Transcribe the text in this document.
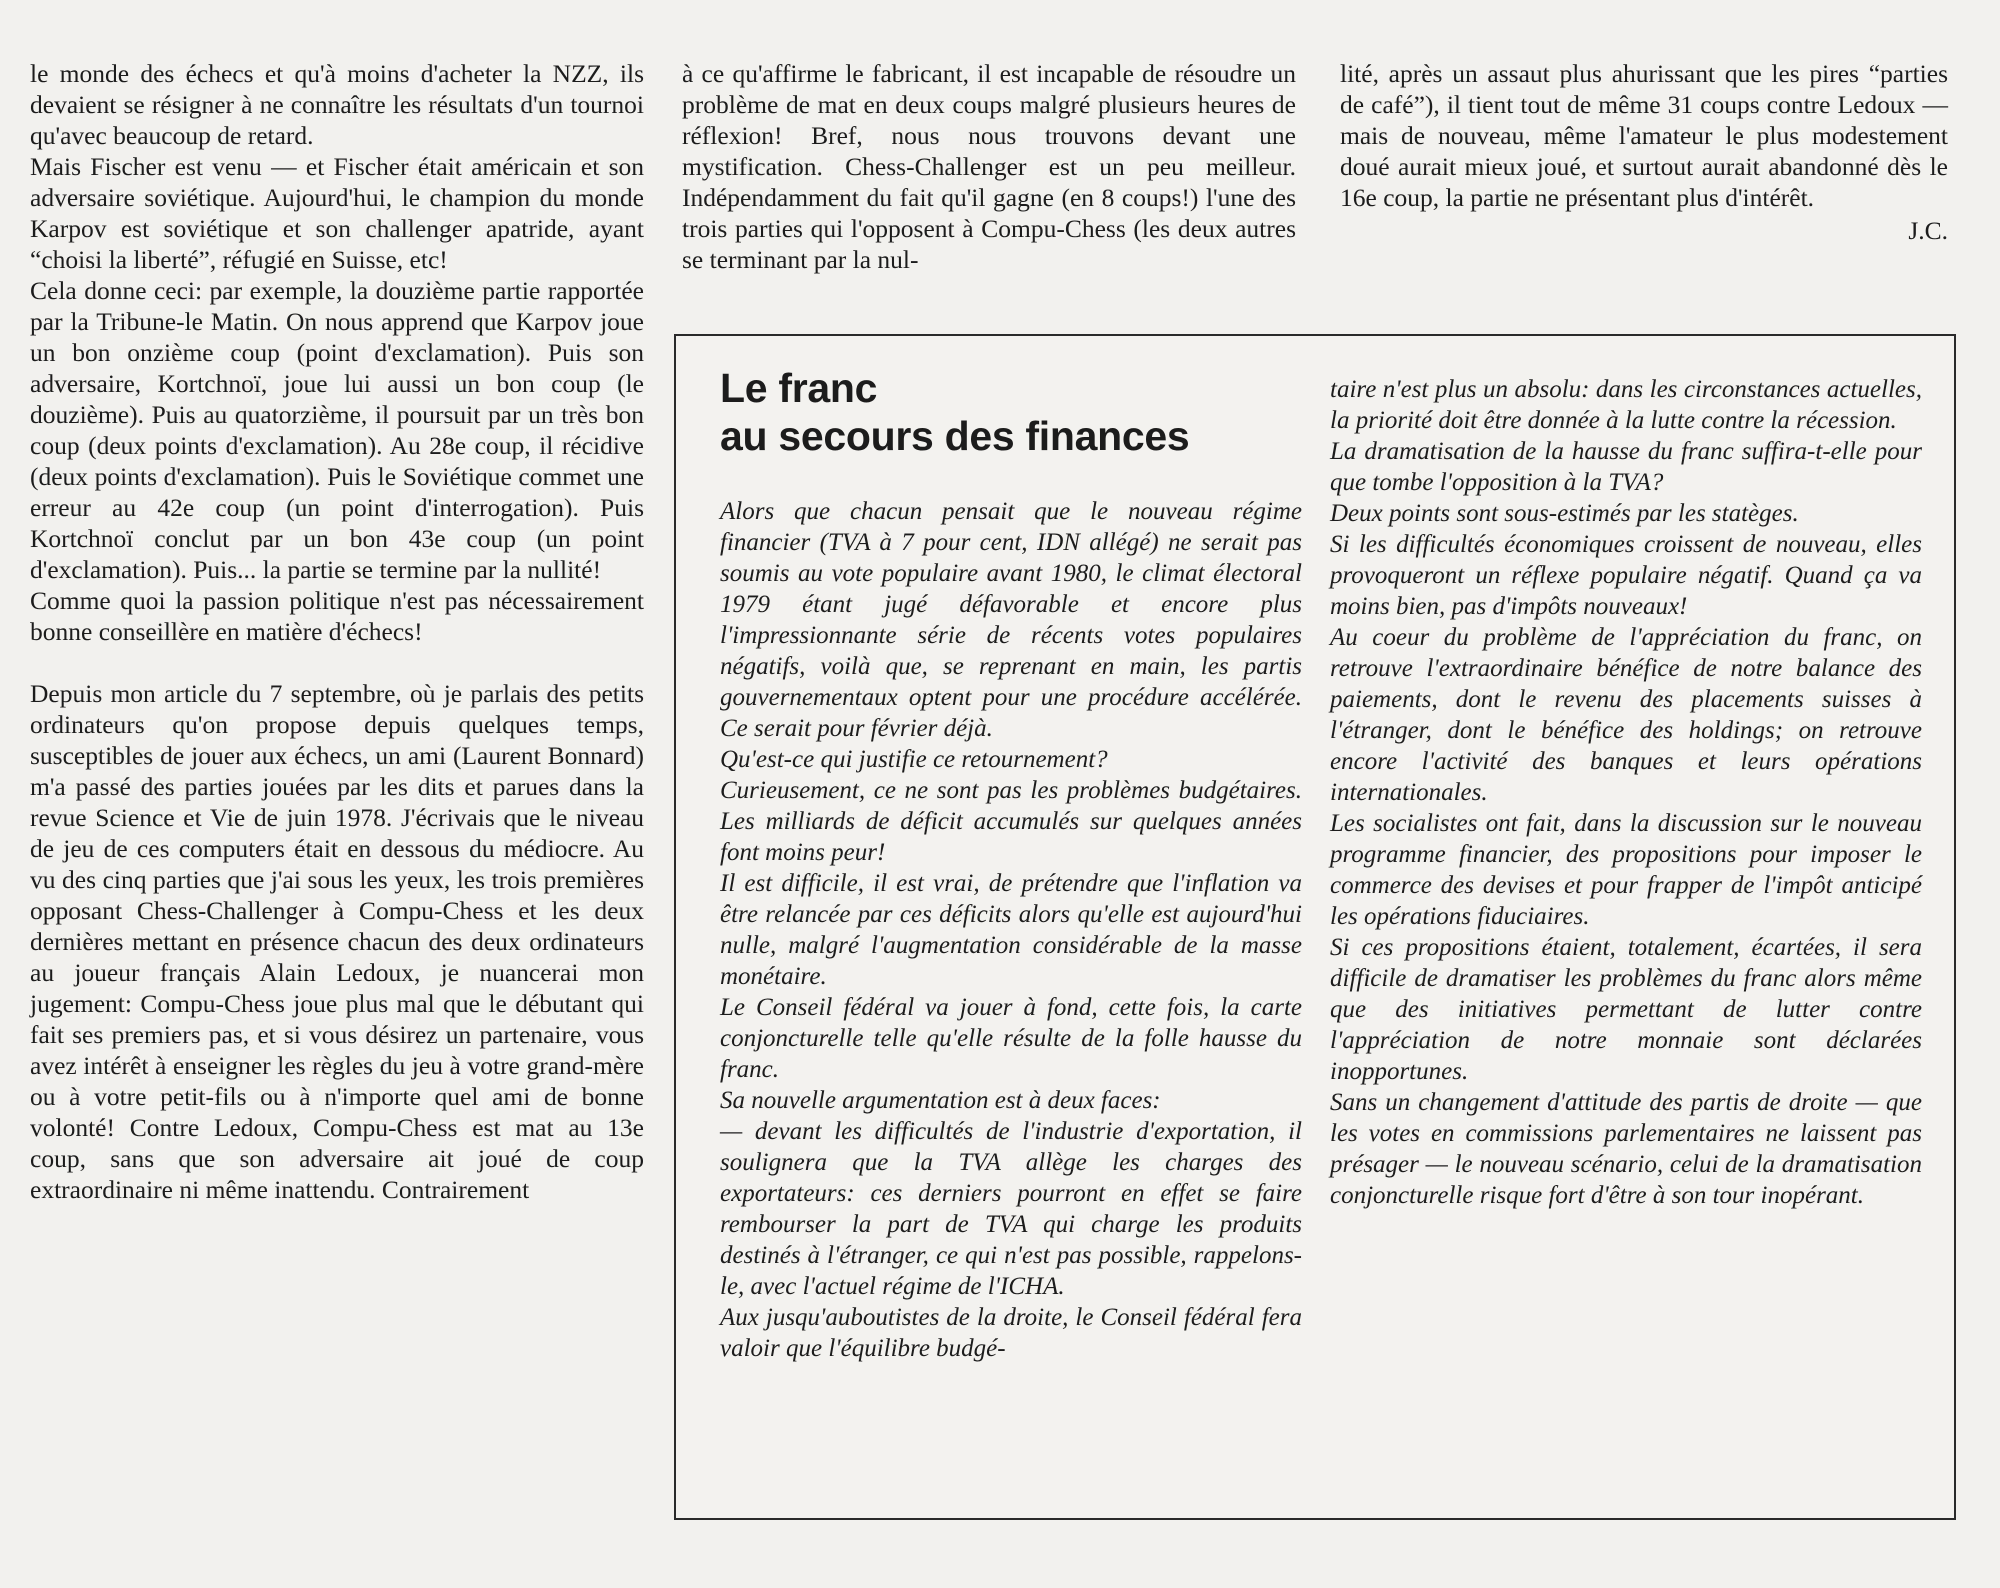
le monde des échecs et qu'à moins d'acheter la NZZ, ils devaient se résigner à ne connaître les résultats d'un tournoi qu'avec beaucoup de retard.

Mais Fischer est venu — et Fischer était américain et son adversaire soviétique. Aujourd'hui, le champion du monde Karpov est soviétique et son challenger apatride, ayant “choisi la liberté”, réfugié en Suisse, etc!

Cela donne ceci: par exemple, la douzième partie rapportée par la Tribune-le Matin. On nous apprend que Karpov joue un bon onzième coup (point d'exclamation). Puis son adversaire, Kortchnoï, joue lui aussi un bon coup (le douzième). Puis au quatorzième, il poursuit par un très bon coup (deux points d'exclamation). Au 28e coup, il récidive (deux points d'exclamation). Puis le Soviétique commet une erreur au 42e coup (un point d'interrogation). Puis Kortchnoï conclut par un bon 43e coup (un point d'exclamation). Puis... la partie se termine par la nullité!

Comme quoi la passion politique n'est pas nécessairement bonne conseillère en matière d'échecs!

Depuis mon article du 7 septembre, où je parlais des petits ordinateurs qu'on propose depuis quelques temps, susceptibles de jouer aux échecs, un ami (Laurent Bonnard) m'a passé des parties jouées par les dits et parues dans la revue Science et Vie de juin 1978. J'écrivais que le niveau de jeu de ces computers était en dessous du médiocre. Au vu des cinq parties que j'ai sous les yeux, les trois premières opposant Chess-Challenger à Compu-Chess et les deux dernières mettant en présence chacun des deux ordinateurs au joueur français Alain Ledoux, je nuancerai mon jugement: Compu-Chess joue plus mal que le débutant qui fait ses premiers pas, et si vous désirez un partenaire, vous avez intérêt à enseigner les règles du jeu à votre grand-mère ou à votre petit-fils ou à n'importe quel ami de bonne volonté! Contre Ledoux, Compu-Chess est mat au 13e coup, sans que son adversaire ait joué de coup extraordinaire ni même inattendu. Contrairement

à ce qu'affirme le fabricant, il est incapable de résoudre un problème de mat en deux coups malgré plusieurs heures de réflexion! Bref, nous nous trouvons devant une mystification. Chess-Challenger est un peu meilleur. Indépendamment du fait qu'il gagne (en 8 coups!) l'une des trois parties qui l'opposent à Compu-Chess (les deux autres se terminant par la nul-

lité, après un assaut plus ahurissant que les pires “parties de café”), il tient tout de même 31 coups contre Ledoux — mais de nouveau, même l'amateur le plus modestement doué aurait mieux joué, et surtout aurait abandonné dès le 16e coup, la partie ne présentant plus d'intérêt.

J.C.

Le franc
au secours des finances

Alors que chacun pensait que le nouveau régime financier (TVA à 7 pour cent, IDN allégé) ne serait pas soumis au vote populaire avant 1980, le climat électoral 1979 étant jugé défavorable et encore plus l'impressionnante série de récents votes populaires négatifs, voilà que, se reprenant en main, les partis gouvernementaux optent pour une procédure accélérée. Ce serait pour février déjà.

Qu'est-ce qui justifie ce retournement?

Curieusement, ce ne sont pas les problèmes budgétaires. Les milliards de déficit accumulés sur quelques années font moins peur!

Il est difficile, il est vrai, de prétendre que l'inflation va être relancée par ces déficits alors qu'elle est aujourd'hui nulle, malgré l'augmentation considérable de la masse monétaire.

Le Conseil fédéral va jouer à fond, cette fois, la carte conjoncturelle telle qu'elle résulte de la folle hausse du franc.

Sa nouvelle argumentation est à deux faces:

— devant les difficultés de l'industrie d'exportation, il soulignera que la TVA allège les charges des exportateurs: ces derniers pourront en effet se faire rembourser la part de TVA qui charge les produits destinés à l'étranger, ce qui n'est pas possible, rappelons-le, avec l'actuel régime de l'ICHA.

Aux jusqu'auboutistes de la droite, le Conseil fédéral fera valoir que l'équilibre budgé-

taire n'est plus un absolu: dans les circonstances actuelles, la priorité doit être donnée à la lutte contre la récession.

La dramatisation de la hausse du franc suffira-t-elle pour que tombe l'opposition à la TVA?

Deux points sont sous-estimés par les statèges.

Si les difficultés économiques croissent de nouveau, elles provoqueront un réflexe populaire négatif. Quand ça va moins bien, pas d'impôts nouveaux!

Au coeur du problème de l'appréciation du franc, on retrouve l'extraordinaire bénéfice de notre balance des paiements, dont le revenu des placements suisses à l'étranger, dont le bénéfice des holdings; on retrouve encore l'activité des banques et leurs opérations internationales.

Les socialistes ont fait, dans la discussion sur le nouveau programme financier, des propositions pour imposer le commerce des devises et pour frapper de l'impôt anticipé les opérations fiduciaires.

Si ces propositions étaient, totalement, écartées, il sera difficile de dramatiser les problèmes du franc alors même que des initiatives permettant de lutter contre l'appréciation de notre monnaie sont déclarées inopportunes.

Sans un changement d'attitude des partis de droite — que les votes en commissions parlementaires ne laissent pas présager — le nouveau scénario, celui de la dramatisation conjoncturelle risque fort d'être à son tour inopérant.
